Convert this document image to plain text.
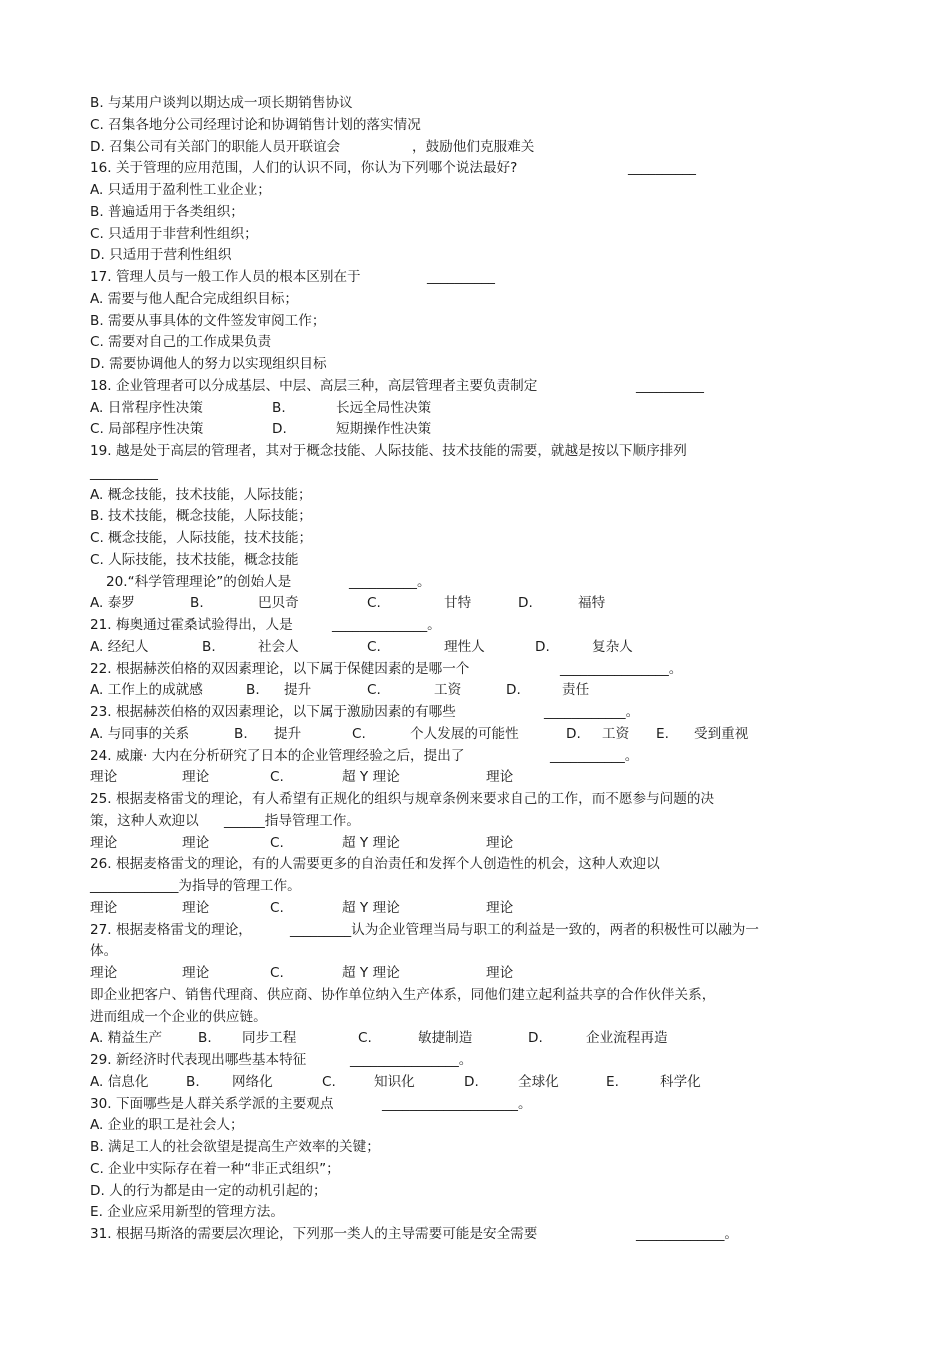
B. 与某用户谈判以期达成一项长期销售协议
C. 召集各地分公司经理讨论和协调销售计划的落实情况
D. 召集公司有关部门的职能人员开联谊会	，鼓励他们克服难关
16. 关于管理的应用范围，人们的认识不同，你认为下列哪个说法最好?	__________
A. 只适用于盈利性工业企业；
B. 普遍适用于各类组织；
C. 只适用于非营利性组织；
D. 只适用于营利性组织
17. 管理人员与一般工作人员的根本区别在于	__________
A. 需要与他人配合完成组织目标；
B. 需要从事具体的文件签发审阅工作；
C. 需要对自己的工作成果负责
D. 需要协调他人的努力以实现组织目标
18. 企业管理者可以分成基层、中层、高层三种，高层管理者主要负责制定	__________
A. 日常程序性决策	B.	长远全局性决策
C. 局部程序性决策	D.	短期操作性决策
19. 越是处于高层的管理者，其对于概念技能、人际技能、技术技能的需要，就越是按以下顺序排列
__________
A. 概念技能，技术技能，人际技能；
B. 技术技能，概念技能，人际技能；
C. 概念技能，人际技能，技术技能；
C. 人际技能，技术技能，概念技能
20.“科学管理理论”的创始人是	__________。
A. 泰罗	B.	巴贝奇	C.	甘特	D.	福特
21. 梅奥通过霍桑试验得出，人是	______________。
A. 经纪人	B.	社会人	C.	理性人	D.	复杂人
22. 根据赫茨伯格的双因素理论，以下属于保健因素的是哪一个	________________。
A. 工作上的成就感	B. 提升	C.	工资	D.	责任
23. 根据赫茨伯格的双因素理论，以下属于激励因素的有哪些	____________。
A. 与同事的关系	B. 提升	C.	个人发展的可能性	D. 工资 E. 受到重视
24. 威廉· 大内在分析研究了日本的企业管理经验之后，提出了	___________。
理论	理论	C.	超 Y 理论	理论
25. 根据麦格雷戈的理论，有人希望有正规化的组织与规章条例来要求自己的工作，而不愿参与问题的决
策，这种人欢迎以 ______指导管理工作。
理论	理论	C.	超 Y 理论	理论
26. 根据麦格雷戈的理论，有的人需要更多的自治责任和发挥个人创造性的机会，这种人欢迎以
_____________为指导的管理工作。
理论	理论	C.	超 Y 理论	理论
27. 根据麦格雷戈的理论，	_________认为企业管理当局与职工的利益是一致的，两者的积极性可以融为一
体。
理论	理论	C.	超 Y 理论	理论
即企业把客户、销售代理商、供应商、协作单位纳入生产体系，同他们建立起利益共享的合作伙伴关系，
进而组成一个企业的供应链。
A. 精益生产	B. 同步工程	C.	敏捷制造	D.	企业流程再造
29. 新经济时代表现出哪些基本特征	________________。
A. 信息化	B. 网络化	C.	知识化	D.	全球化	E.	科学化
30. 下面哪些是人群关系学派的主要观点	____________________。
A. 企业的职工是社会人；
B. 满足工人的社会欲望是提高生产效率的关键；
C. 企业中实际存在着一种“非正式组织”；
D. 人的行为都是由一定的动机引起的；
E. 企业应采用新型的管理方法。
31. 根据马斯洛的需要层次理论，下列那一类人的主导需要可能是安全需要	_____________。
